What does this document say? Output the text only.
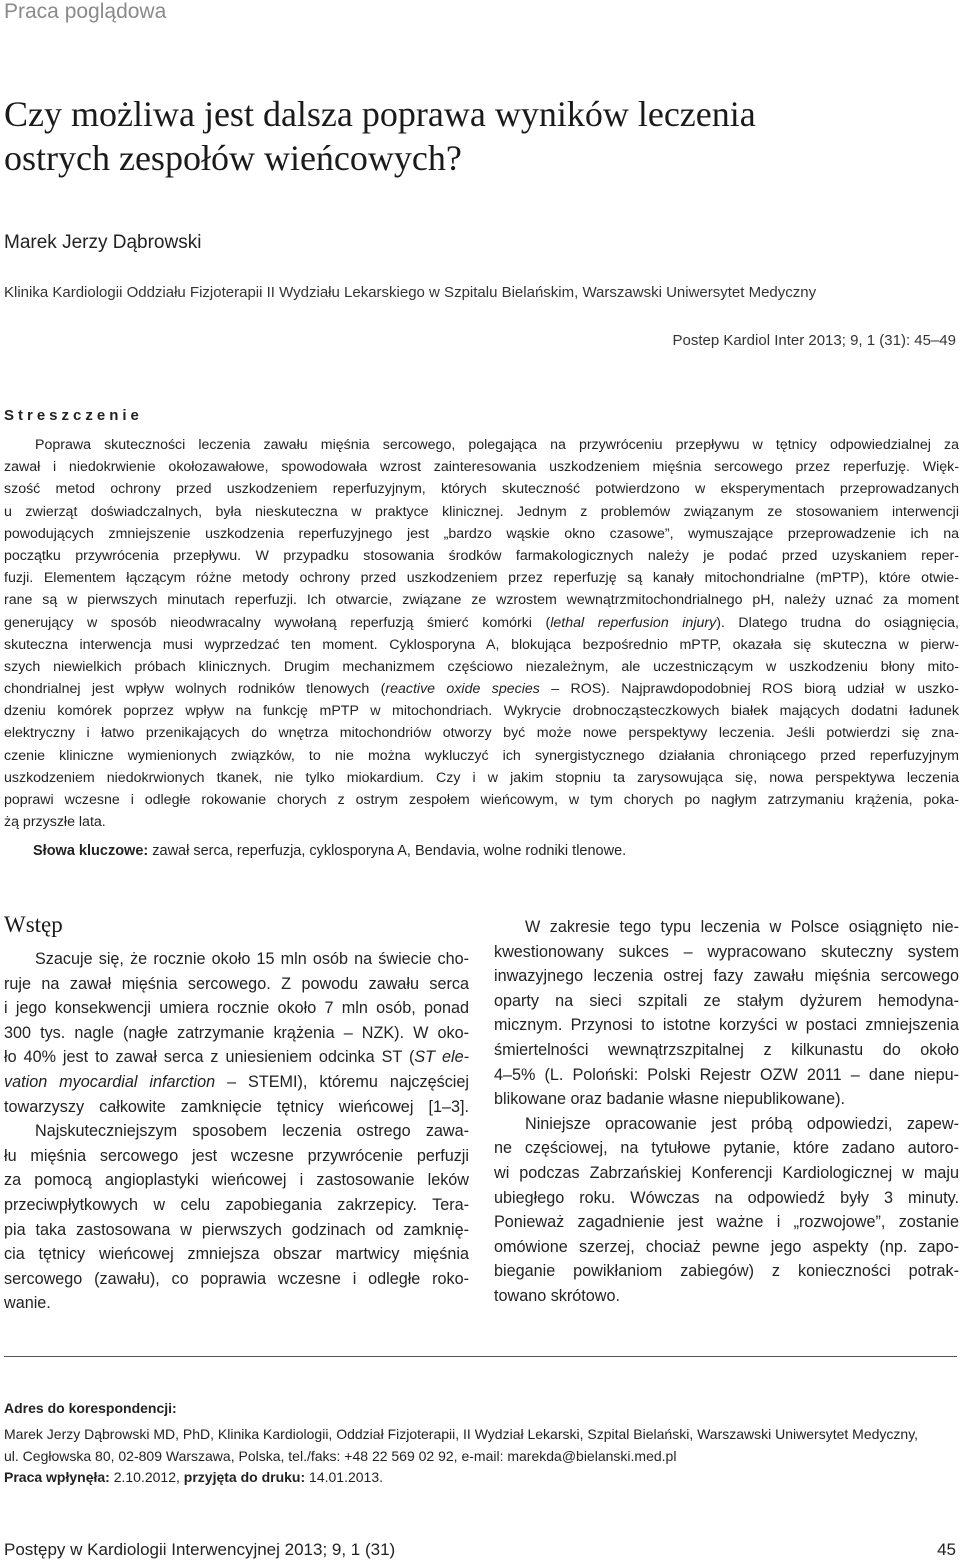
Praca poglądowa
Czy możliwa jest dalsza poprawa wyników leczenia
ostrych zespołów wieńcowych?
Marek Jerzy Dąbrowski
Klinika Kardiologii Oddziału Fizjoterapii II Wydziału Lekarskiego w Szpitalu Bielańskim, Warszawski Uniwersytet Medyczny
Postep Kardiol Inter 2013; 9, 1 (31): 45–49
Streszczenie
Poprawa skuteczności leczenia zawału mięśnia sercowego, polegająca na przywróceniu przepływu w tętnicy odpowiedzialnej za
zawał i niedokrwienie okołozawałowe, spowodowała wzrost zainteresowania uszkodzeniem mięśnia sercowego przez reperfuzję. Więk-
szość metod ochrony przed uszkodzeniem reperfuzyjnym, których skuteczność potwierdzono w eksperymentach przeprowadzanych
u zwierząt doświadczalnych, była nieskuteczna w praktyce klinicznej. Jednym z problemów związanym ze stosowaniem interwencji
powodujących zmniejszenie uszkodzenia reperfuzyjnego jest „bardzo wąskie okno czasowe”, wymuszające przeprowadzenie ich na
początku przywrócenia przepływu. W przypadku stosowania środków farmakologicznych należy je podać przed uzyskaniem reper-
fuzji. Elementem łączącym różne metody ochrony przed uszkodzeniem przez reperfuzję są kanały mitochondrialne (mPTP), które otwie-
rane są w pierwszych minutach reperfuzji. Ich otwarcie, związane ze wzrostem wewnątrzmitochondrialnego pH, należy uznać za moment
generujący w sposób nieodwracalny wywołaną reperfuzją śmierć komórki (lethal reperfusion injury). Dlatego trudna do osiągnięcia,
skuteczna interwencja musi wyprzedzać ten moment. Cyklosporyna A, blokująca bezpośrednio mPTP, okazała się skuteczna w pierw-
szych niewielkich próbach klinicznych. Drugim mechanizmem częściowo niezależnym, ale uczestniczącym w uszkodzeniu błony mito-
chondrialnej jest wpływ wolnych rodników tlenowych (reactive oxide species – ROS). Najprawdopodobniej ROS biorą udział w uszko-
dzeniu komórek poprzez wpływ na funkcję mPTP w mitochondriach. Wykrycie drobnocząsteczkowych białek mających dodatni ładunek
elektryczny i łatwo przenikających do wnętrza mitochondriów otworzy być może nowe perspektywy leczenia. Jeśli potwierdzi się zna-
czenie kliniczne wymienionych związków, to nie można wykluczyć ich synergistycznego działania chroniącego przed reperfuzyjnym
uszkodzeniem niedokrwionych tkanek, nie tylko miokardium. Czy i w jakim stopniu ta zarysowująca się, nowa perspektywa leczenia
poprawi wczesne i odległe rokowanie chorych z ostrym zespołem wieńcowym, w tym chorych po nagłym zatrzymaniu krążenia, poka-
żą przyszłe lata.
Słowa kluczowe: zawał serca, reperfuzja, cyklosporyna A, Bendavia, wolne rodniki tlenowe.
Wstęp
Szacuje się, że rocznie około 15 mln osób na świecie cho-
ruje na zawał mięśnia sercowego. Z powodu zawału serca
i jego konsekwencji umiera rocznie około 7 mln osób, ponad
300 tys. nagle (nagłe zatrzymanie krążenia – NZK). W oko-
ło 40% jest to zawał serca z uniesieniem odcinka ST (ST ele-
vation myocardial infarction – STEMI), któremu najczęściej
towarzyszy całkowite zamknięcie tętnicy wieńcowej [1–3].
Najskuteczniejszym sposobem leczenia ostrego zawa-
łu mięśnia sercowego jest wczesne przywrócenie perfuzji
za pomocą angioplastyki wieńcowej i zastosowanie leków
przeciwpłytkowych w celu zapobiegania zakrzepicy. Tera-
pia taka zastosowana w pierwszych godzinach od zamknię-
cia tętnicy wieńcowej zmniejsza obszar martwicy mięśnia
sercowego (zawału), co poprawia wczesne i odległe roko-
wanie.
W zakresie tego typu leczenia w Polsce osiągnięto nie-
kwestionowany sukces – wypracowano skuteczny system
inwazyjnego leczenia ostrej fazy zawału mięśnia sercowego
oparty na sieci szpitali ze stałym dyżurem hemodyna-
micznym. Przynosi to istotne korzyści w postaci zmniejszenia
śmiertelności wewnątrzszpitalnej z kilkunastu do około
4–5% (L. Poloński: Polski Rejestr OZW 2011 – dane niepu-
blikowane oraz badanie własne niepublikowane).
Niniejsze opracowanie jest próbą odpowiedzi, zapew-
ne częściowej, na tytułowe pytanie, które zadano autoro-
wi podczas Zabrzańskiej Konferencji Kardiologicznej w maju
ubiegłego roku. Wówczas na odpowiedź były 3 minuty.
Ponieważ zagadnienie jest ważne i „rozwojowe”, zostanie
omówione szerzej, chociaż pewne jego aspekty (np. zapo-
bieganie powikłaniom zabiegów) z konieczności potrak-
towano skrótowo.
Adres do korespondencji:
Marek Jerzy Dąbrowski MD, PhD, Klinika Kardiologii, Oddział Fizjoterapii, II Wydział Lekarski, Szpital Bielański, Warszawski Uniwersytet Medyczny,
ul. Cegłowska 80, 02-809 Warszawa, Polska, tel./faks: +48 22 569 02 92, e-mail: marekda@bielanski.med.pl
Praca wpłynęła: 2.10.2012, przyjęta do druku: 14.01.2013.
Postępy w Kardiologii Interwencyjnej 2013; 9, 1 (31)	45
